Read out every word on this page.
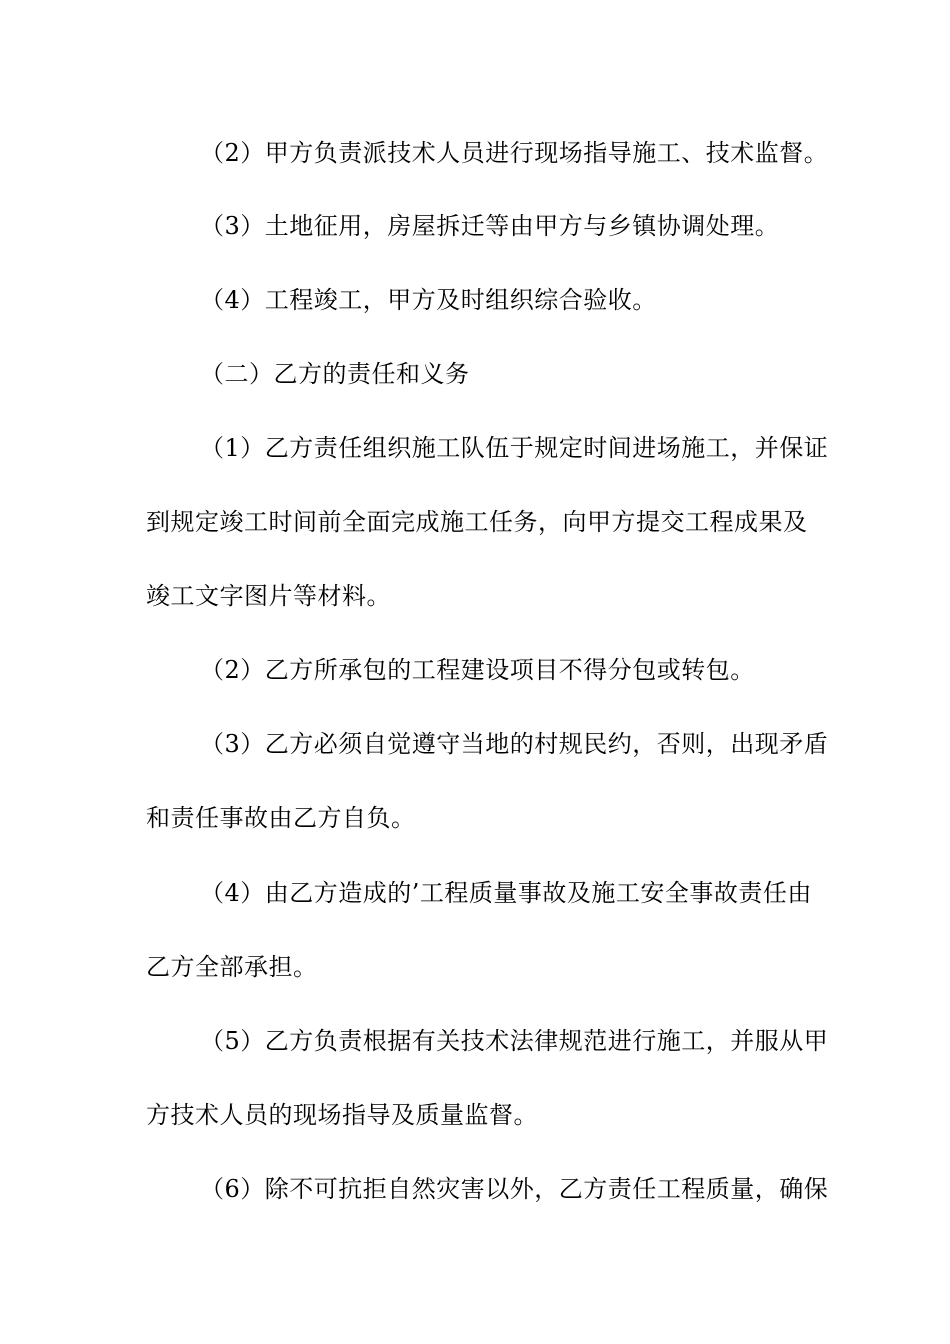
（2）甲方负责派技术人员进行现场指导施工、技术监督。
（3）土地征用，房屋拆迁等由甲方与乡镇协调处理。
（4）工程竣工，甲方及时组织综合验收。
（二）乙方的责任和义务
（1）乙方责任组织施工队伍于规定时间进场施工，并保证
到规定竣工时间前全面完成施工任务，向甲方提交工程成果及
竣工文字图片等材料。
（2）乙方所承包的工程建设项目不得分包或转包。
（3）乙方必须自觉遵守当地的村规民约，否则，出现矛盾
和责任事故由乙方自负。
（4）由乙方造成的’工程质量事故及施工安全事故责任由
乙方全部承担。
（5）乙方负责根据有关技术法律规范进行施工，并服从甲
方技术人员的现场指导及质量监督。
（6）除不可抗拒自然灾害以外，乙方责任工程质量，确保
